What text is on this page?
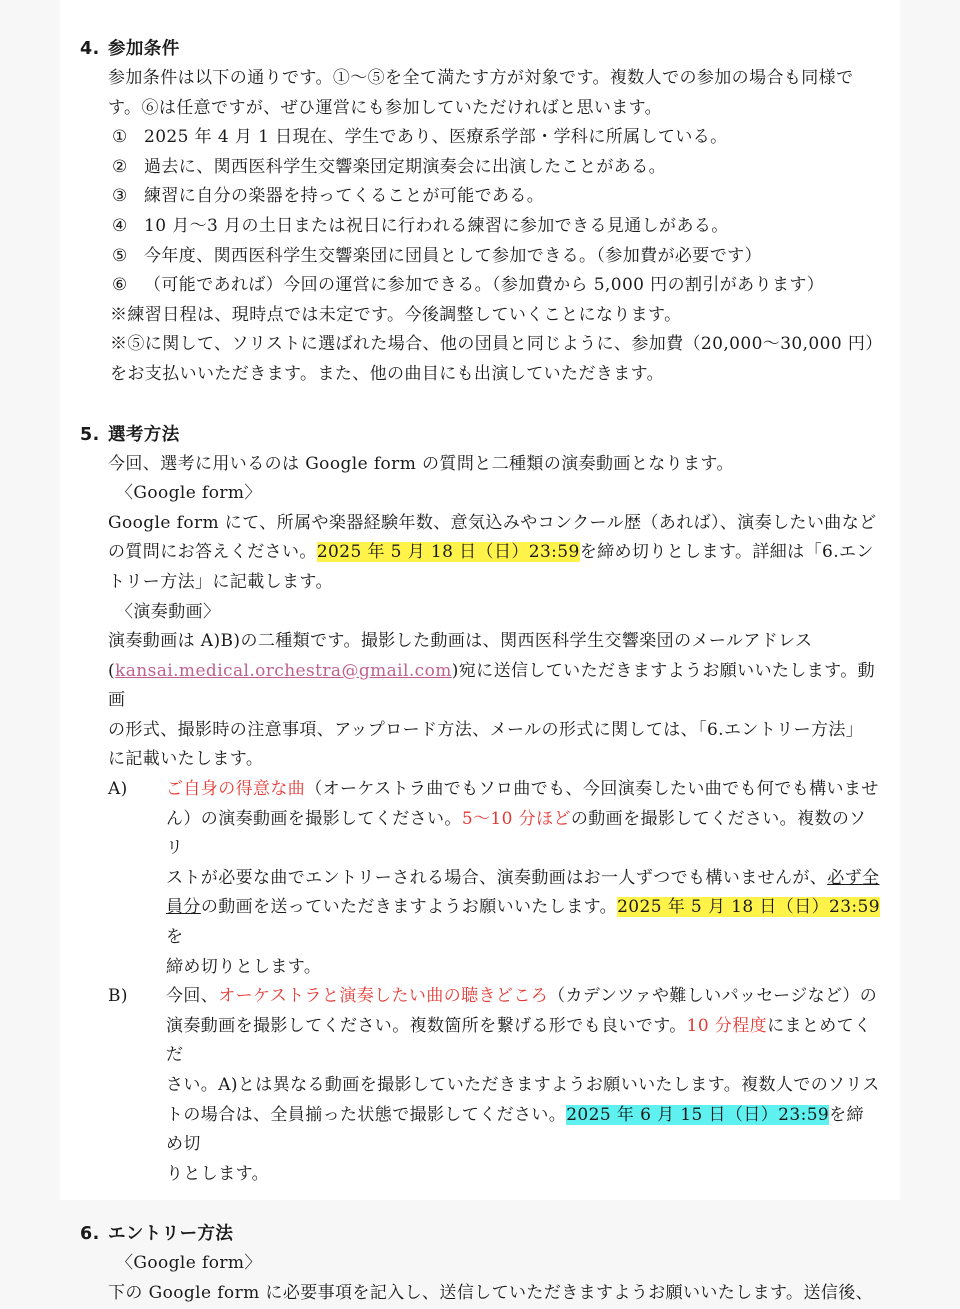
4. 参加条件
参加条件は以下の通りです。①〜⑤を全て満たす方が対象です。複数人での参加の場合も同様で
す。⑥は任意ですが、ぜひ運営にも参加していただければと思います。
① 2025 年 4 月 1 日現在、学生であり、医療系学部・学科に所属している。
② 過去に、関西医科学生交響楽団定期演奏会に出演したことがある。
③ 練習に自分の楽器を持ってくることが可能である。
④ 10 月〜3 月の土日または祝日に行われる練習に参加できる見通しがある。
⑤ 今年度、関西医科学生交響楽団に団員として参加できる。（参加費が必要です）
⑥ （可能であれば）今回の運営に参加できる。（参加費から 5,000 円の割引があります）
※練習日程は、現時点では未定です。今後調整していくことになります。
※⑤に関して、ソリストに選ばれた場合、他の団員と同じように、参加費（20,000〜30,000 円）
をお支払いいただきます。また、他の曲目にも出演していただきます。
5. 選考方法
今回、選考に用いるのは Google form の質問と二種類の演奏動画となります。
〈Google form〉
Google form にて、所属や楽器経験年数、意気込みやコンクール歴（あれば）、演奏したい曲など
の質問にお答えください。2025 年 5 月 18 日（日）23:59を締め切りとします。詳細は「6.エン
トリー方法」に記載します。
〈演奏動画〉
演奏動画は A)B)の二種類です。撮影した動画は、関西医科学生交響楽団のメールアドレス
(kansai.medical.orchestra@gmail.com)宛に送信していただきますようお願いいたします。動画
の形式、撮影時の注意事項、アップロード方法、メールの形式に関しては、「6.エントリー方法」
に記載いたします。
A)	ご自身の得意な曲（オーケストラ曲でもソロ曲でも、今回演奏したい曲でも何でも構いませ
ん）の演奏動画を撮影してください。5〜10 分ほどの動画を撮影してください。複数のソリ
ストが必要な曲でエントリーされる場合、演奏動画はお一人ずつでも構いませんが、必ず全
員分の動画を送っていただきますようお願いいたします。2025 年 5 月 18 日（日）23:59を
締め切りとします。
B)	今回、オーケストラと演奏したい曲の聴きどころ（カデンツァや難しいパッセージなど）の
演奏動画を撮影してください。複数箇所を繋げる形でも良いです。10 分程度にまとめてくだ
さい。A)とは異なる動画を撮影していただきますようお願いいたします。複数人でのソリス
トの場合は、全員揃った状態で撮影してください。2025 年 6 月 15 日（日）23:59を締め切
りとします。
6. エントリー方法
〈Google form〉
下の Google form に必要事項を記入し、送信していただきますようお願いいたします。送信後、
